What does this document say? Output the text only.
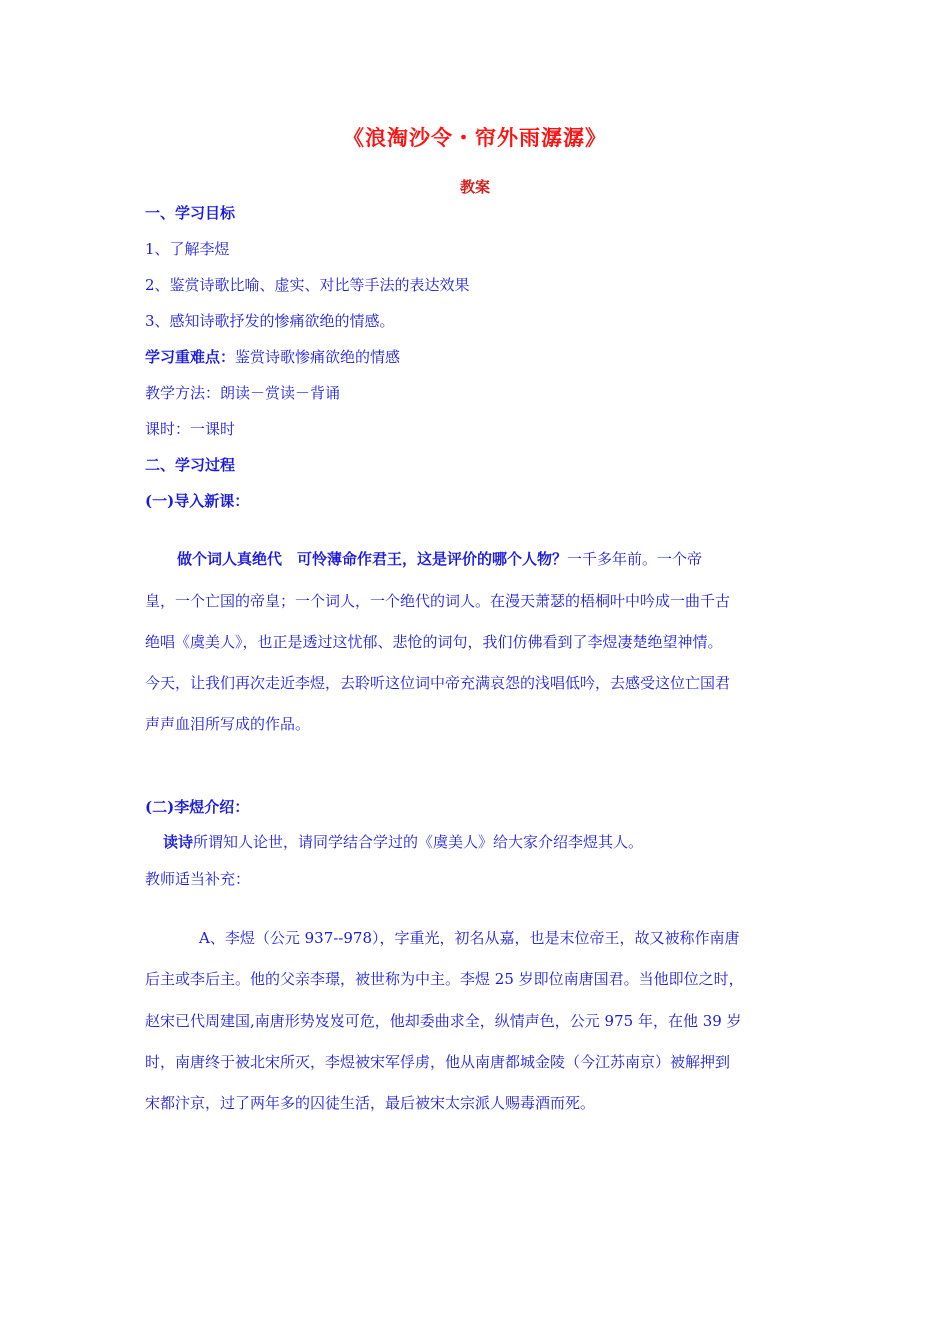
《浪淘沙令・帘外雨潺潺》
教案
一、学习目标
1、了解李煜
2、鉴赏诗歌比喻、虚实、对比等手法的表达效果
3、感知诗歌抒发的惨痛欲绝的情感。
学习重难点：鉴赏诗歌惨痛欲绝的情感
教学方法：朗读－赏读－背诵
课时：一课时
二、学习过程
(一)导入新课：
做个词人真绝代　可怜薄命作君王，这是评价的哪个人物？一千多年前。一个帝
皇，一个亡国的帝皇；一个词人，一个绝代的词人。在漫天萧瑟的梧桐叶中吟成一曲千古
绝唱《虞美人》，也正是透过这忧郁、悲怆的词句，我们仿佛看到了李煜凄楚绝望神情。
今天，让我们再次走近李煜，去聆听这位词中帝充满哀怨的浅唱低吟，去感受这位亡国君
声声血泪所写成的作品。
(二)李煜介绍：
读诗所谓知人论世，请同学结合学过的《虞美人》给大家介绍李煜其人。
教师适当补充：
A、李煜（公元 937--978），字重光，初名从嘉，也是末位帝王，故又被称作南唐
后主或李后主。他的父亲李璟，被世称为中主。李煜 25 岁即位南唐国君。当他即位之时，
赵宋已代周建国,南唐形势岌岌可危，他却委曲求全，纵情声色，公元 975 年，在他 39 岁
时，南唐终于被北宋所灭，李煜被宋军俘虏，他从南唐都城金陵（今江苏南京）被解押到
宋都汴京，过了两年多的囚徒生活，最后被宋太宗派人赐毒酒而死。
